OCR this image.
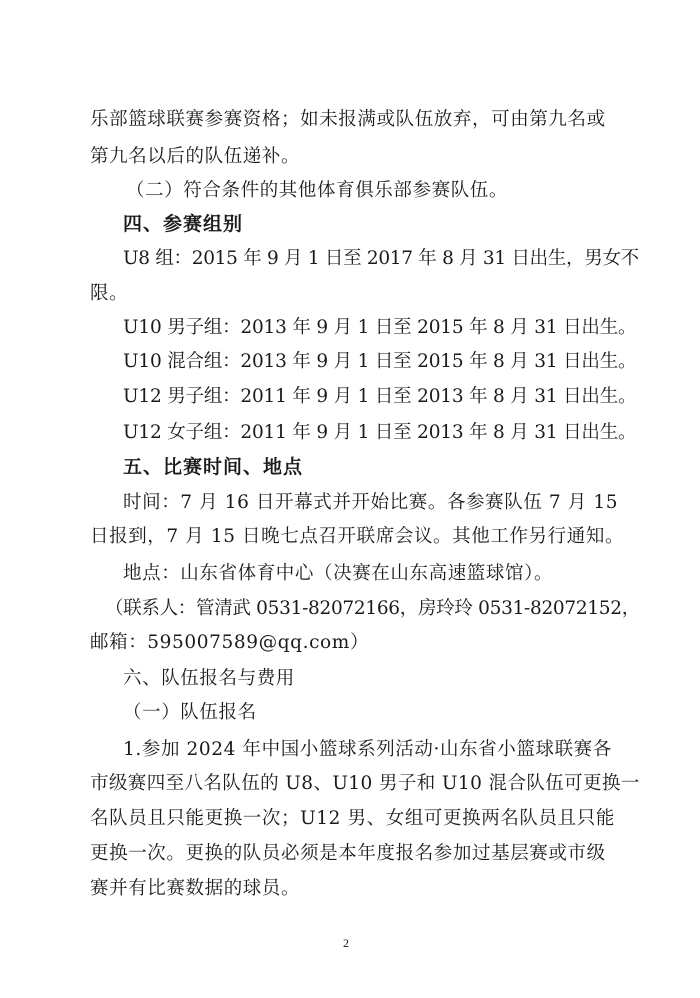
乐部篮球联赛参赛资格；如未报满或队伍放弃，可由第九名或
第九名以后的队伍递补。
（二）符合条件的其他体育俱乐部参赛队伍。
四、参赛组别
U8 组：2015 年 9 月 1 日至 2017 年 8 月 31 日出生，男女不
限。
U10 男子组：2013 年 9 月 1 日至 2015 年 8 月 31 日出生。
U10 混合组：2013 年 9 月 1 日至 2015 年 8 月 31 日出生。
U12 男子组：2011 年 9 月 1 日至 2013 年 8 月 31 日出生。
U12 女子组：2011 年 9 月 1 日至 2013 年 8 月 31 日出生。
五、比赛时间、地点
时间：7 月 16 日开幕式并开始比赛。各参赛队伍 7 月 15
日报到，7 月 15 日晚七点召开联席会议。其他工作另行通知。
地点：山东省体育中心（决赛在山东高速篮球馆）。
（联系人：管清武 0531-82072166，房玲玲 0531-82072152，
邮箱：595007589@qq.com）
六、队伍报名与费用
（一）队伍报名
1.参加 2024 年中国小篮球系列活动·山东省小篮球联赛各
市级赛四至八名队伍的 U8、U10 男子和 U10 混合队伍可更换一
名队员且只能更换一次；U12 男、女组可更换两名队员且只能
更换一次。更换的队员必须是本年度报名参加过基层赛或市级
赛并有比赛数据的球员。
2
